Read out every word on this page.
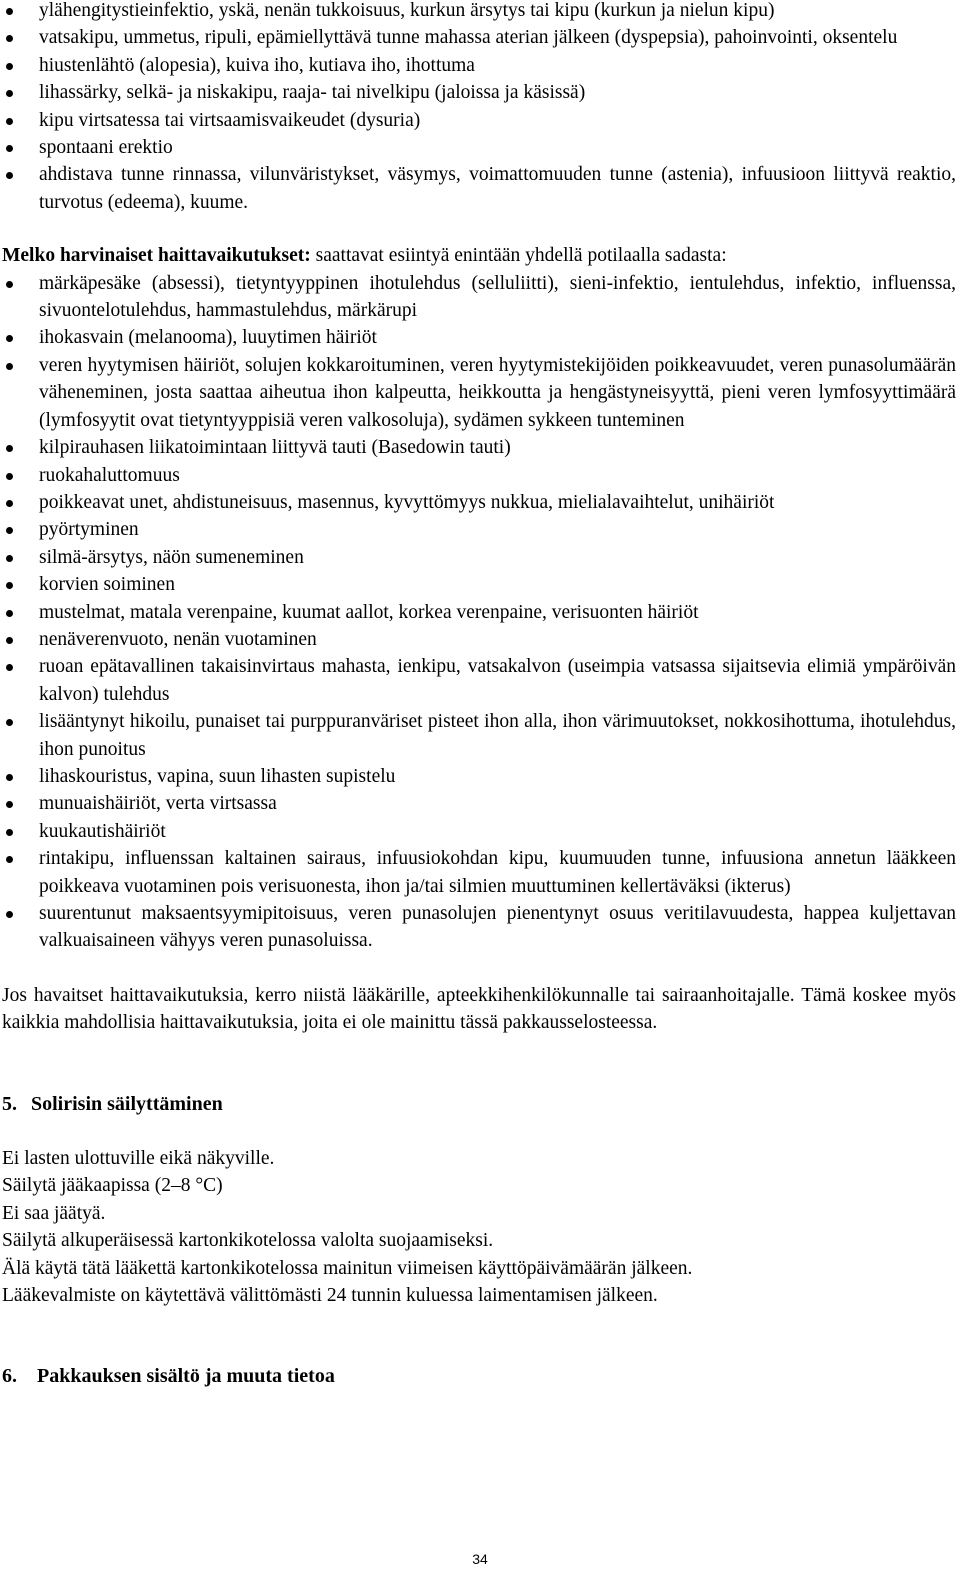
ylähengitystieinfektio, yskä, nenän tukkoisuus, kurkun ärsytys tai kipu (kurkun ja nielun kipu)
vatsakipu, ummetus, ripuli, epämiellyttävä tunne mahassa aterian jälkeen (dyspepsia), pahoinvointi, oksentelu
hiustenlähtö (alopesia), kuiva iho, kutiava iho, ihottuma
lihassärky, selkä- ja niskakipu, raaja- tai nivelkipu (jaloissa ja käsissä)
kipu virtsatessa tai virtsaamisvaikeudet (dysuria)
spontaani erektio
ahdistava tunne rinnassa, vilunväristykset, väsymys, voimattomuuden tunne (astenia), infuusioon liittyvä reaktio, turvotus (edeema), kuume.

Melko harvinaiset haittavaikutukset: saattavat esiintyä enintään yhdellä potilaalla sadasta:

märkäpesäke (absessi), tietyntyyppinen ihotulehdus (selluliitti), sieni-infektio, ientulehdus, infektio, influenssa, sivuontelotulehdus, hammastulehdus, märkärupi
ihokasvain (melanooma), luuytimen häiriöt
veren hyytymisen häiriöt, solujen kokkaroituminen, veren hyytymistekijöiden poikkeavuudet, veren punasolumäärän väheneminen, josta saattaa aiheutua ihon kalpeutta, heikkoutta ja hengästyneisyyttä, pieni veren lymfosyyttimäärä (lymfosyytit ovat tietyntyyppisiä veren valkosoluja), sydämen sykkeen tunteminen
kilpirauhasen liikatoimintaan liittyvä tauti (Basedowin tauti)
ruokahaluttomuus
poikkeavat unet, ahdistuneisuus, masennus, kyvyttömyys nukkua, mielialavaihtelut, unihäiriöt
pyörtyminen
silmä-ärsytys, näön sumeneminen
korvien soiminen
mustelmat, matala verenpaine, kuumat aallot, korkea verenpaine, verisuonten häiriöt
nenäverenvuoto, nenän vuotaminen
ruoan epätavallinen takaisinvirtaus mahasta, ienkipu, vatsakalvon (useimpia vatsassa sijaitsevia elimiä ympäröivän kalvon) tulehdus
lisääntynyt hikoilu, punaiset tai purppuranväriset pisteet ihon alla, ihon värimuutokset, nokkosihottuma, ihotulehdus, ihon punoitus
lihaskouristus, vapina, suun lihasten supistelu
munuaishäiriöt, verta virtsassa
kuukautishäiriöt
rintakipu, influenssan kaltainen sairaus, infuusiokohdan kipu, kuumuuden tunne, infuusiona annetun lääkkeen poikkeava vuotaminen pois verisuonesta, ihon ja/tai silmien muuttuminen kellertäväksi (ikterus)
suurentunut maksaentsyymipitoisuus, veren punasolujen pienentynyt osuus veritilavuudesta, happea kuljettavan valkuaisaineen vähyys veren punasoluissa.

Jos havaitset haittavaikutuksia, kerro niistä lääkärille, apteekkihenkilökunnalle tai sairaanhoitajalle. Tämä koskee myös kaikkia mahdollisia haittavaikutuksia, joita ei ole mainittu tässä pakkausselosteessa.

5. Solirisin säilyttäminen

Ei lasten ulottuville eikä näkyville.

Säilytä jääkaapissa (2–8 °C)

Ei saa jäätyä.

Säilytä alkuperäisessä kartonkikotelossa valolta suojaamiseksi.

Älä käytä tätä lääkettä kartonkikotelossa mainitun viimeisen käyttöpäivämäärän jälkeen.

Lääkevalmiste on käytettävä välittömästi 24 tunnin kuluessa laimentamisen jälkeen.

6. Pakkauksen sisältö ja muuta tietoa
34
